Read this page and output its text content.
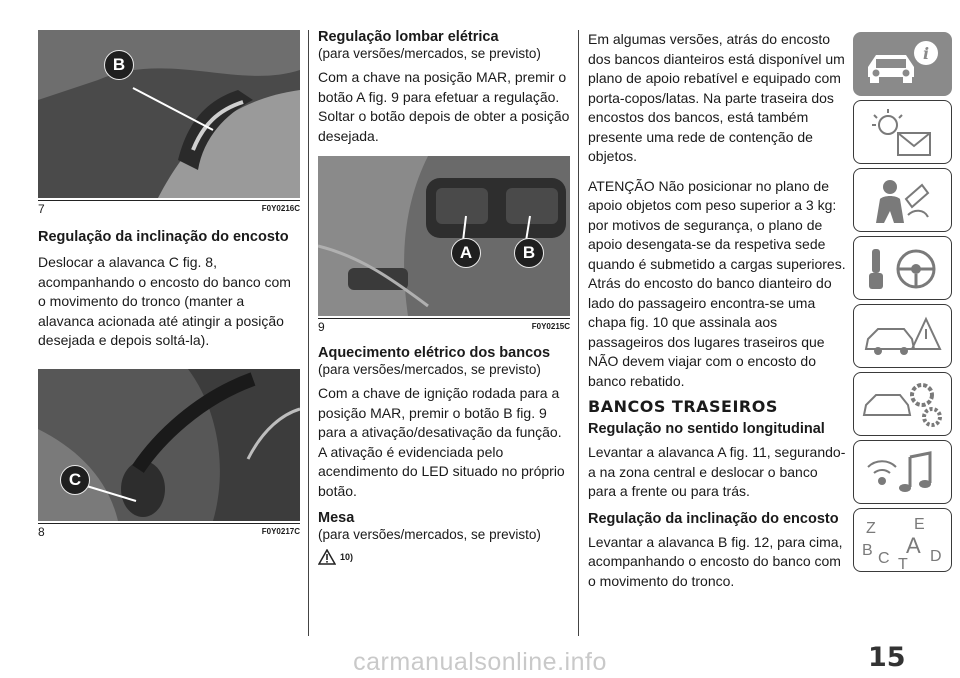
B
7	F0Y0216C
Regulação da inclinação do encosto

Deslocar a alavanca C fig. 8, acompanhando o encosto do banco com o movimento do tronco (manter a alavanca acionada até atingir a posição desejada e depois soltá-la).

C
8	F0Y0217C
Regulação lombar elétrica
(para versões/mercados, se previsto)

Com a chave na posição MAR, premir o botão A fig. 9 para efetuar a regulação. Soltar o botão depois de obter a posição desejada.

A	B
9	F0Y0215C
Aquecimento elétrico dos bancos
(para versões/mercados, se previsto)

Com a chave de ignição rodada para a posição MAR, premir o botão B fig. 9 para a ativação/desativação da função. A ativação é evidenciada pelo acendimento do LED situado no próprio botão.

Mesa
(para versões/mercados, se previsto)
10)

Em algumas versões, atrás do encosto dos bancos dianteiros está disponível um plano de apoio rebatível e equipado com porta-copos/latas. Na parte traseira dos encostos dos bancos, está também presente uma rede de contenção de objetos.

ATENÇÃO Não posicionar no plano de apoio objetos com peso superior a 3 kg: por motivos de segurança, o plano de apoio desengata-se da respetiva sede quando é submetido a cargas superiores.

Atrás do encosto do banco dianteiro do lado do passageiro encontra-se uma chapa fig. 10 que assinala aos passageiros dos lugares traseiros que NÃO devem viajar com o encosto do banco rebatido.

BANCOS TRASEIROS
Regulação no sentido longitudinal

Levantar a alavanca A fig. 11, segurando-a na zona central e deslocar o banco para a frente ou para trás.

Regulação da inclinação do encosto

Levantar a alavanca B fig. 12, para cima, acompanhando o encosto do banco com o movimento do tronco.

i
Z E
B A
C	D
T
15
carmanualsonline.info
